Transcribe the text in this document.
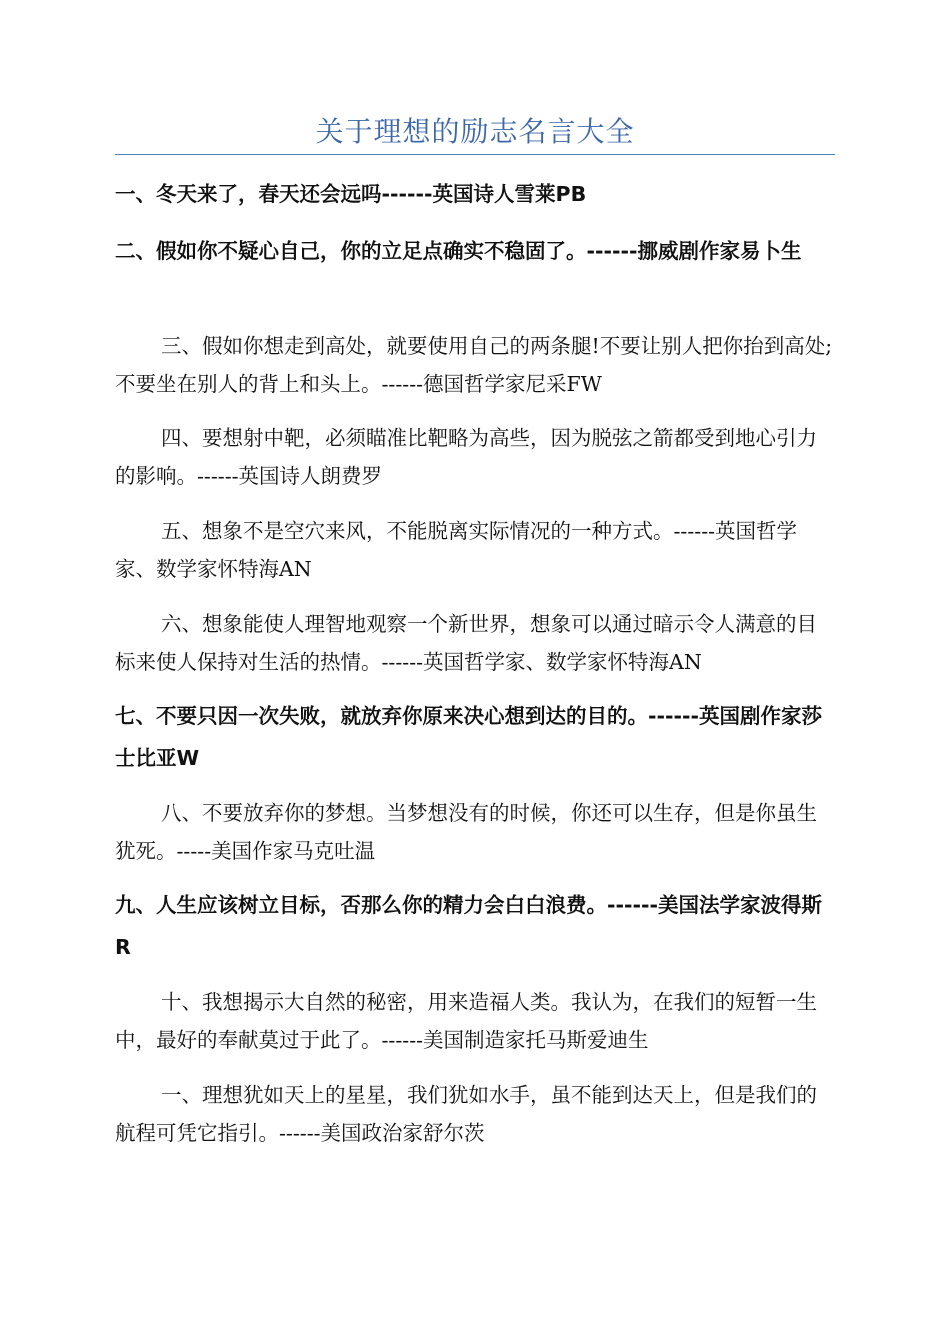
关于理想的励志名言大全

一、冬天来了，春天还会远吗------英国诗人雪莱PB

二、假如你不疑心自己，你的立足点确实不稳固了。------挪威剧作家易卜生

三、假如你想走到高处，就要使用自己的两条腿!不要让别人把你抬到高处;不要坐在别人的背上和头上。------德国哲学家尼采FW

四、要想射中靶，必须瞄准比靶略为高些，因为脱弦之箭都受到地心引力的影响。------英国诗人朗费罗

五、想象不是空穴来风，不能脱离实际情况的一种方式。------英国哲学家、数学家怀特海AN

六、想象能使人理智地观察一个新世界，想象可以通过暗示令人满意的目标来使人保持对生活的热情。------英国哲学家、数学家怀特海AN

七、不要只因一次失败，就放弃你原来决心想到达的目的。------英国剧作家莎士比亚W

八、不要放弃你的梦想。当梦想没有的时候，你还可以生存，但是你虽生犹死。-----美国作家马克吐温

九、人生应该树立目标，否那么你的精力会白白浪费。------美国法学家波得斯R

十、我想揭示大自然的秘密，用来造福人类。我认为，在我们的短暂一生中，最好的奉献莫过于此了。------美国制造家托马斯爱迪生

一、理想犹如天上的星星，我们犹如水手，虽不能到达天上，但是我们的航程可凭它指引。------美国政治家舒尔茨
